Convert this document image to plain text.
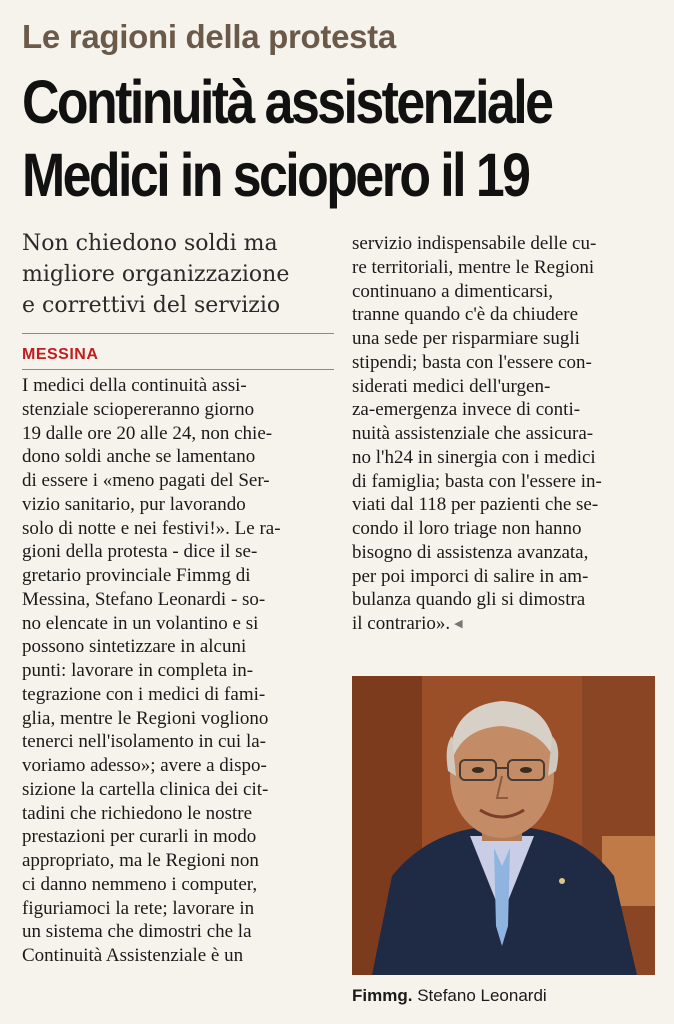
Le ragioni della protesta
Continuità assistenziale
Medici in sciopero il 19
Non chiedono soldi ma
migliore organizzazione
e correttivi del servizio
MESSINA
I medici della continuità assi-
stenziale sciopereranno giorno
19 dalle ore 20 alle 24, non chie-
dono soldi anche se lamentano
di essere i «meno pagati del Ser-
vizio sanitario, pur lavorando
solo di notte e nei festivi!». Le ra-
gioni della protesta - dice il se-
gretario provinciale Fimmg di
Messina, Stefano Leonardi - so-
no elencate in un volantino e si
possono sintetizzare in alcuni
punti: lavorare in completa in-
tegrazione con i medici di fami-
glia, mentre le Regioni vogliono
tenerci nell'isolamento in cui la-
voriamo adesso»; avere a dispo-
sizione la cartella clinica dei cit-
tadini che richiedono le nostre
prestazioni per curarli in modo
appropriato, ma le Regioni non
ci danno nemmeno i computer,
figuriamoci la rete; lavorare in
un sistema che dimostri che la
Continuità Assistenziale è un
servizio indispensabile delle cu-
re territoriali, mentre le Regioni
continuano a dimenticarsi,
tranne quando c'è da chiudere
una sede per risparmiare sugli
stipendi; basta con l'essere con-
siderati medici dell'urgen-
za-emergenza invece di conti-
nuità assistenziale che assicura-
no l'h24 in sinergia con i medici
di famiglia; basta con l'essere in-
viati dal 118 per pazienti che se-
condo il loro triage non hanno
bisogno di assistenza avanzata,
per poi imporci di salire in am-
bulanza quando gli si dimostra
il contrario». ◀
Fimmg. Stefano Leonardi
